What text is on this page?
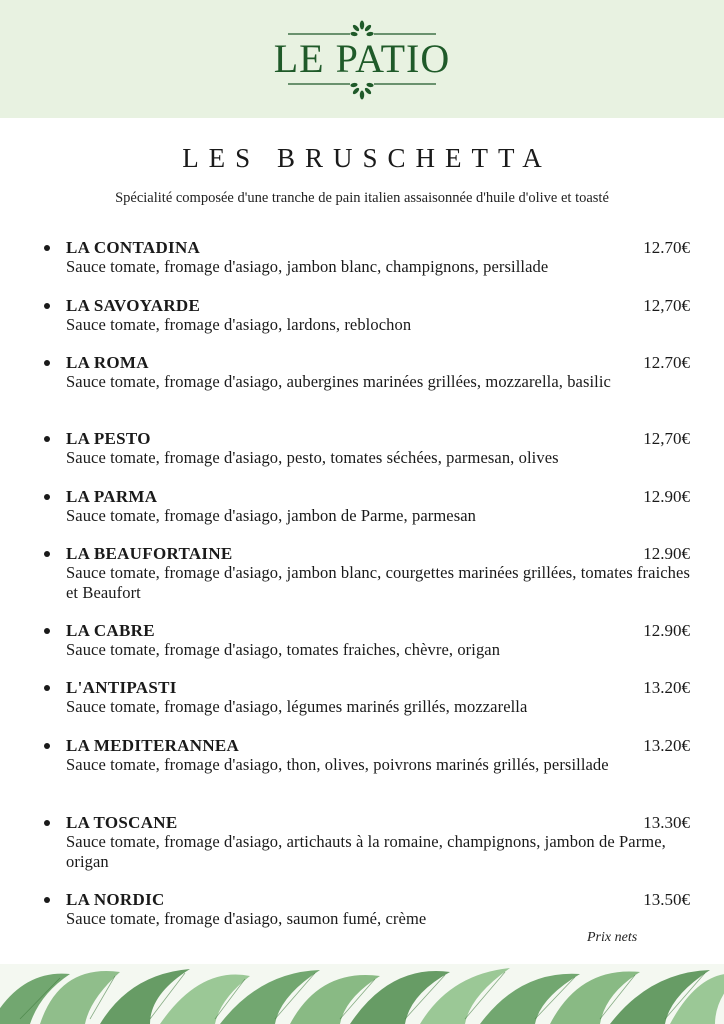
LE PATIO
LES BRUSCHETTA
Spécialité composée d'une tranche de pain italien assaisonnée d'huile d'olive et toasté
LA CONTADINA	12.70€
Sauce tomate, fromage d'asiago, jambon blanc, champignons, persillade
LA SAVOYARDE	12,70€
Sauce tomate, fromage d'asiago, lardons, reblochon
LA ROMA	12.70€
Sauce tomate, fromage d'asiago, aubergines marinées grillées, mozzarella, basilic
LA PESTO	12,70€
Sauce tomate, fromage d'asiago, pesto, tomates séchées, parmesan, olives
LA PARMA	12.90€
Sauce tomate, fromage d'asiago, jambon de Parme, parmesan
LA BEAUFORTAINE	12.90€
Sauce tomate, fromage d'asiago, jambon blanc, courgettes marinées grillées, tomates fraiches et Beaufort
LA CABRE	12.90€
Sauce tomate, fromage d'asiago, tomates fraiches, chèvre, origan
L'ANTIPASTI	13.20€
Sauce tomate, fromage d'asiago, légumes marinés grillés, mozzarella
LA MEDITERANNEA	13.20€
Sauce tomate, fromage d'asiago, thon, olives, poivrons marinés grillés, persillade
LA TOSCANE	13.30€
Sauce tomate, fromage d'asiago, artichauts à la romaine, champignons, jambon de Parme, origan
LA NORDIC	13.50€
Sauce tomate, fromage d'asiago, saumon fumé, crème
Prix nets
